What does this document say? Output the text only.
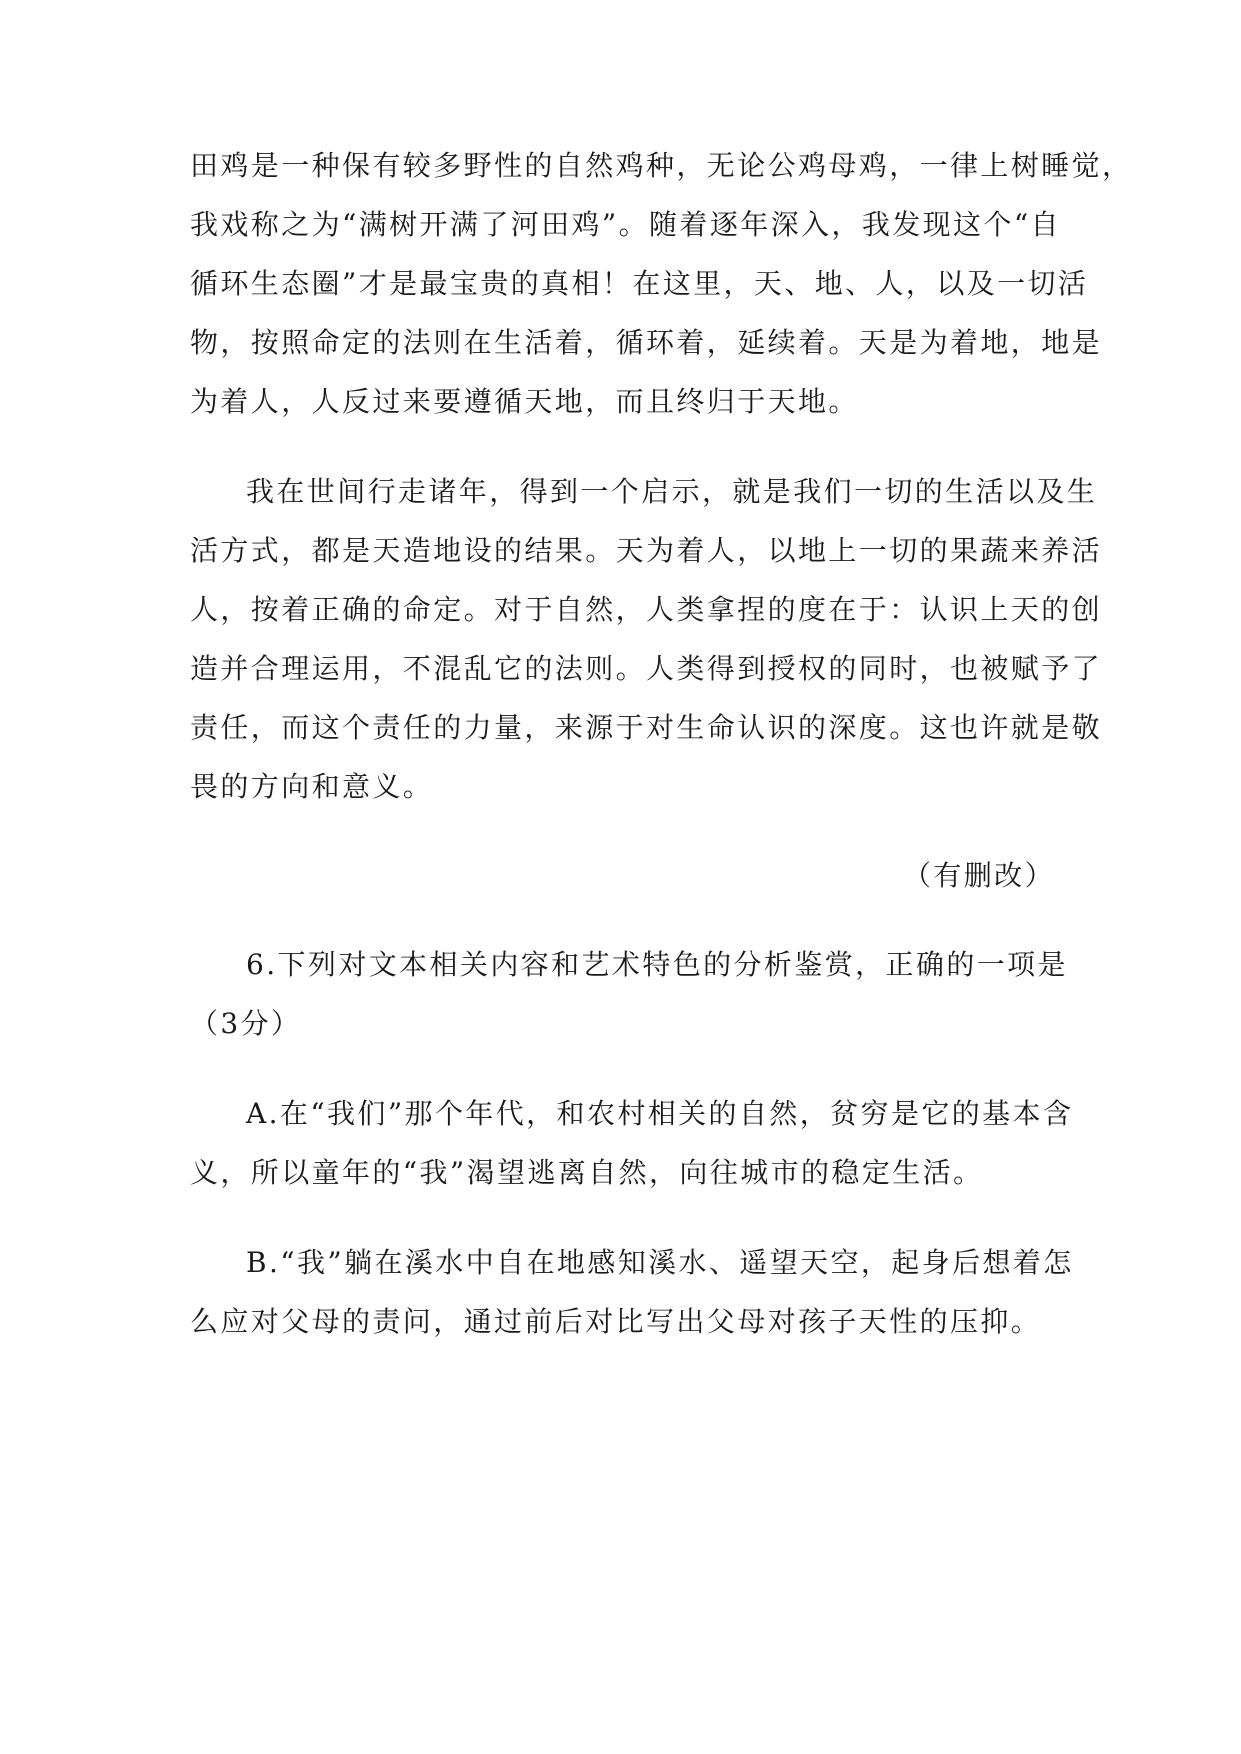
田鸡是一种保有较多野性的自然鸡种，无论公鸡母鸡，一律上树睡觉，

我戏称之为“满树开满了河田鸡”。随着逐年深入，我发现这个“自

循环生态圈”才是最宝贵的真相！在这里，天、地、人，以及一切活

物，按照命定的法则在生活着，循环着，延续着。天是为着地，地是

为着人，人反过来要遵循天地，而且终归于天地。

我在世间行走诸年，得到一个启示，就是我们一切的生活以及生

活方式，都是天造地设的结果。天为着人，以地上一切的果蔬来养活

人，按着正确的命定。对于自然，人类拿捏的度在于：认识上天的创

造并合理运用，不混乱它的法则。人类得到授权的同时，也被赋予了

责任，而这个责任的力量，来源于对生命认识的深度。这也许就是敬

畏的方向和意义。

（有删改）

6.下列对文本相关内容和艺术特色的分析鉴赏，正确的一项是

（3分）

A.在“我们”那个年代，和农村相关的自然，贫穷是它的基本含

义，所以童年的“我”渴望逃离自然，向往城市的稳定生活。

B.“我”躺在溪水中自在地感知溪水、遥望天空，起身后想着怎

么应对父母的责问，通过前后对比写出父母对孩子天性的压抑。
